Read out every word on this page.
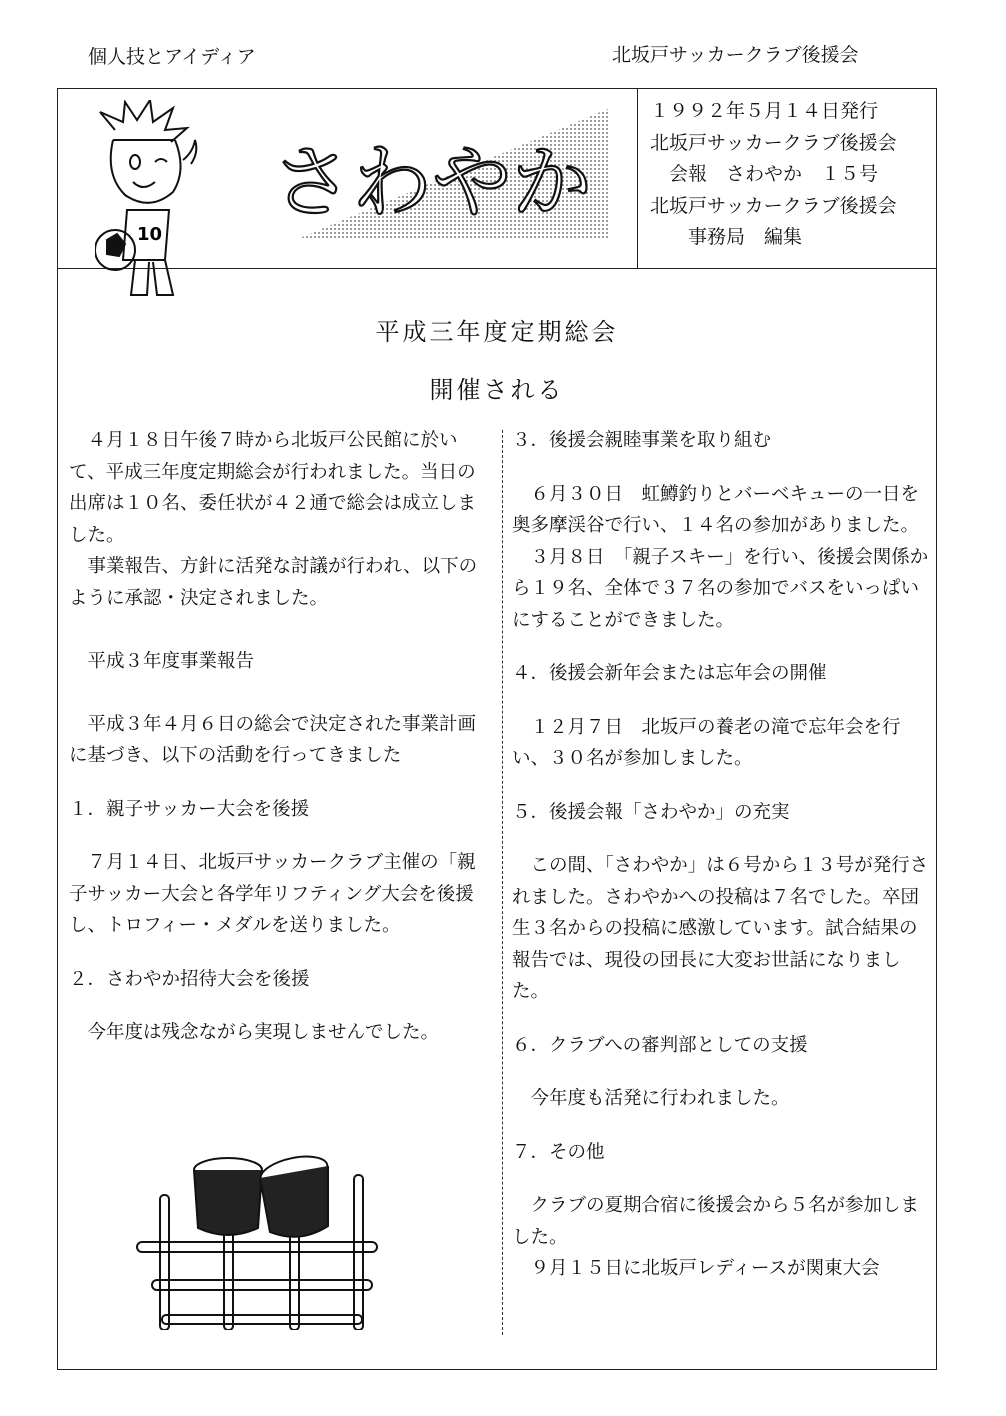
個人技とアイディア	北坂戸サッカークラブ後援会
10
さわやか
１９９２年５月１４日発行
北坂戸サッカークラブ後援会
　会報　さわやか　１５号
北坂戸サッカークラブ後援会
　　事務局　編集
平成三年度定期総会
開催される

　４月１８日午後７時から北坂戸公民館に於いて、平成三年度定期総会が行われました。当日の出席は１０名、委任状が４２通で総会は成立しました。

　事業報告、方針に活発な討議が行われ、以下のように承認・決定されました。

　平成３年度事業報告

　平成３年４月６日の総会で決定された事業計画に基づき、以下の活動を行ってきました

１．親子サッカー大会を後援

　７月１４日、北坂戸サッカークラブ主催の「親子サッカー大会と各学年リフティング大会を後援し、トロフィー・メダルを送りました。

２．さわやか招待大会を後援

　今年度は残念ながら実現しませんでした。

３．後援会親睦事業を取り組む

　６月３０日　虹鱒釣りとバーベキューの一日を奥多摩渓谷で行い、１４名の参加がありました。

　３月８日　「親子スキー」を行い、後援会関係から１９名、全体で３７名の参加でバスをいっぱいにすることができました。

４．後援会新年会または忘年会の開催

　１２月７日　北坂戸の養老の滝で忘年会を行い、３０名が参加しました。

５．後援会報「さわやか」の充実

　この間、「さわやか」は６号から１３号が発行されました。さわやかへの投稿は７名でした。卒団生３名からの投稿に感激しています。試合結果の報告では、現役の団長に大変お世話になりました。

６．クラブへの審判部としての支援

　今年度も活発に行われました。

７．その他

　クラブの夏期合宿に後援会から５名が参加しました。

　９月１５日に北坂戸レディースが関東大会
